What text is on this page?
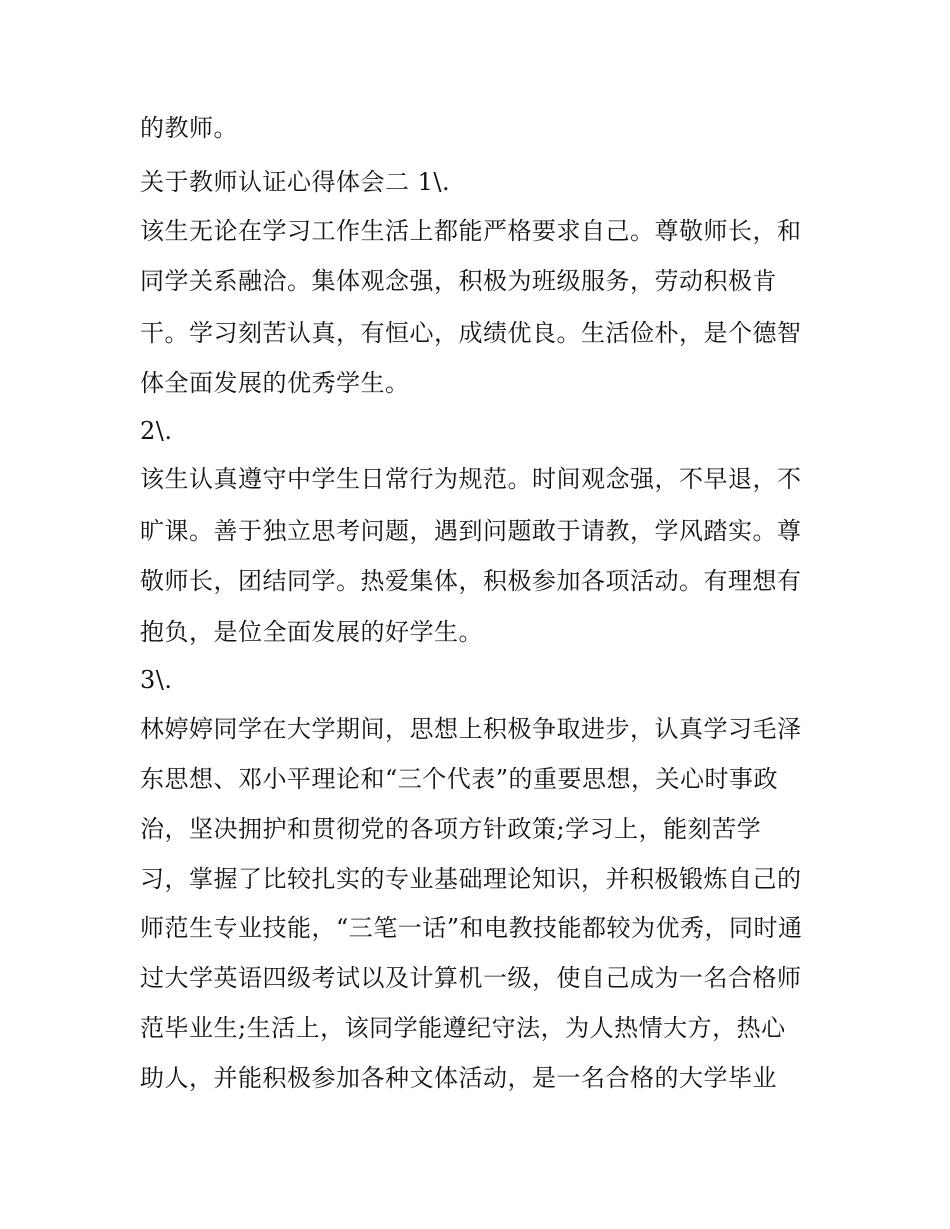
的教师。
关于教师认证心得体会二 1\.
该生无论在学习工作生活上都能严格要求自己。尊敬师长，和
同学关系融洽。集体观念强，积极为班级服务，劳动积极肯
干。学习刻苦认真，有恒心，成绩优良。生活俭朴，是个德智
体全面发展的优秀学生。
2\.
该生认真遵守中学生日常行为规范。时间观念强，不早退，不
旷课。善于独立思考问题，遇到问题敢于请教，学风踏实。尊
敬师长，团结同学。热爱集体，积极参加各项活动。有理想有
抱负，是位全面发展的好学生。
3\.
林婷婷同学在大学期间，思想上积极争取进步，认真学习毛泽
东思想、邓小平理论和“三个代表”的重要思想，关心时事政
治，坚决拥护和贯彻党的各项方针政策;学习上，能刻苦学
习，掌握了比较扎实的专业基础理论知识，并积极锻炼自己的
师范生专业技能，“三笔一话”和电教技能都较为优秀，同时通
过大学英语四级考试以及计算机一级，使自己成为一名合格师
范毕业生;生活上，该同学能遵纪守法，为人热情大方，热心
助人，并能积极参加各种文体活动，是一名合格的大学毕业
